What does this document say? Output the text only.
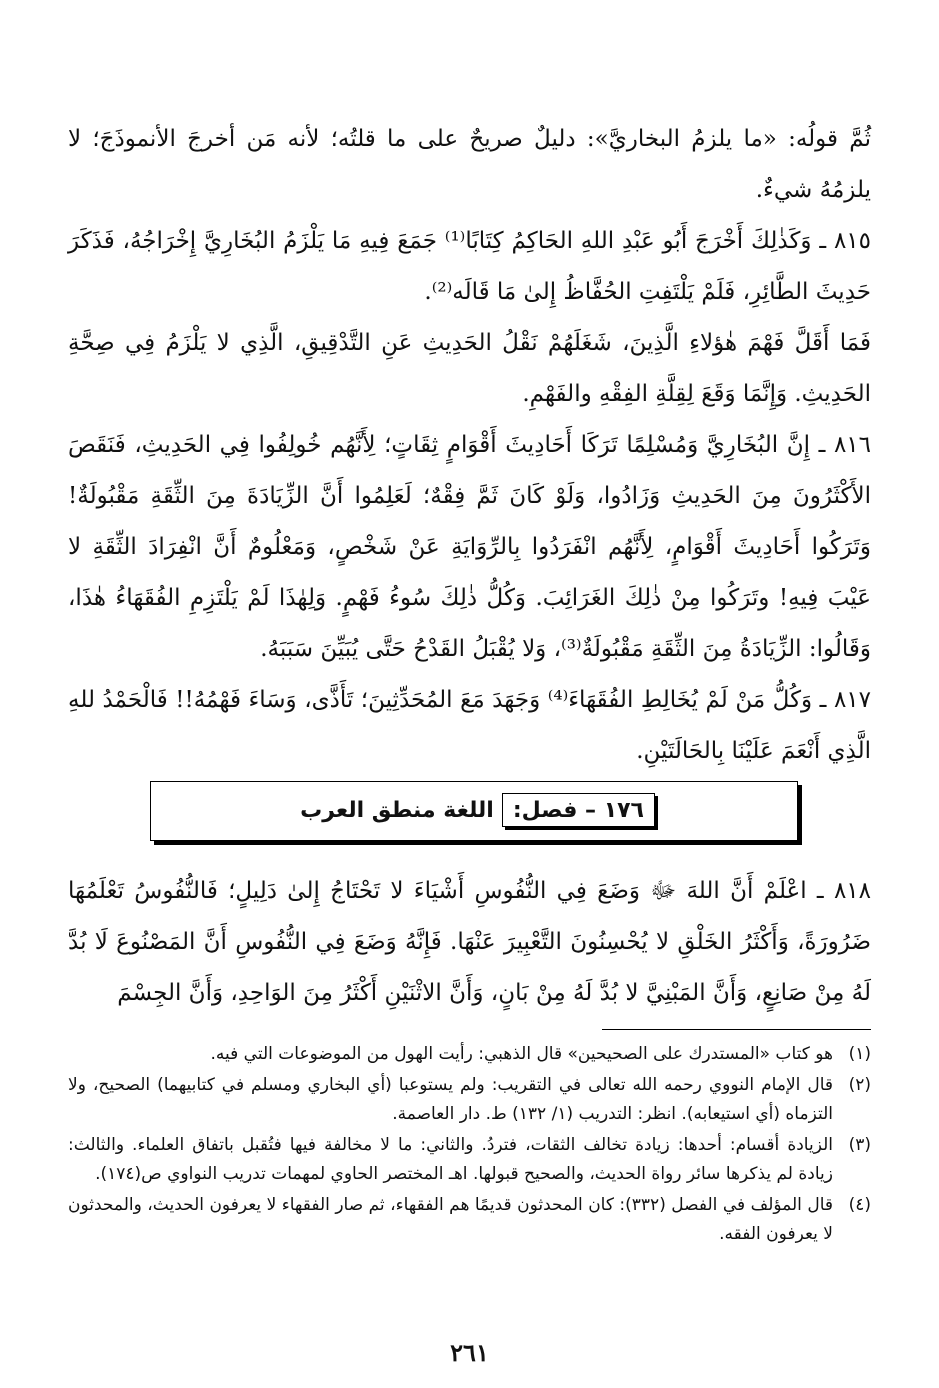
ثُمَّ قولُه: «ما يلزمُ البخاريَّ»: دليلٌ صريحٌ على ما قلتُه؛ لأنه مَن أخرجَ الأنموذَجَ؛ لا يلزمُهُ شيءٌ.

٨١٥ ـ وَكَذٰلِكَ أَخْرَجَ أَبُو عَبْدِ اللهِ الحَاكِمُ كِتَابًا⁽¹⁾ جَمَعَ فِيهِ مَا يَلْزَمُ البُخَارِيَّ إِخْرَاجُهُ، فَذَكَرَ حَدِيثَ الطَّائِرِ، فَلَمْ يَلْتَفِتِ الحُفَّاظُ إِلىٰ مَا قَالَه⁽²⁾.

فَمَا أَقَلَّ فَهْمَ هٰؤلاءِ الَّذِينَ، شَغَلَهُمْ نَقْلُ الحَدِيثِ عَنِ التَّدْقِيقِ، الَّذِي لا يَلْزَمُ فِي صِحَّةِ الحَدِيثِ. وَإِنَّمَا وَقَعَ لِقِلَّةِ الفِقْهِ والفَهْمِ.

٨١٦ ـ إِنَّ البُخَارِيَّ وَمُسْلِمًا تَرَكَا أَحَادِيثَ أَقْوَامٍ ثِقَاتٍ؛ لِأَنَّهُم خُولِفُوا فِي الحَدِيثِ، فَنَقَصَ الأَكْثَرُونَ مِنَ الحَدِيثِ وَزَادُوا، وَلَوْ كَانَ ثَمَّ فِقْهٌ؛ لَعَلِمُوا أَنَّ الزِّيَادَةَ مِنَ الثِّقَةِ مَقْبُولَةٌ! وَتَرَكُوا أَحَادِيثَ أَقْوَامٍ، لِأَنَّهُم انْفَرَدُوا بِالرِّوَايَةِ عَنْ شَخْصٍ، وَمَعْلُومٌ أَنَّ انْفِرَادَ الثِّقَةِ لا عَيْبَ فِيهِ! وتَرَكُوا مِنْ ذٰلِكَ الغَرَائِبَ. وَكُلُّ ذٰلِكَ سُوءُ فَهْمٍ. وَلِهٰذَا لَمْ يَلْتَزِمِ الفُقَهَاءُ هٰذَا، وَقَالُوا: الزِّيَادَةُ مِنَ الثِّقَةِ مَقْبُولَةٌ⁽³⁾، وَلا يُقْبَلُ القَدْحُ حَتَّى يُبَيِّنَ سَبَبَهُ.

٨١٧ ـ وَكُلُّ مَنْ لَمْ يُخَالِطِ الفُقَهَاءَ⁽⁴⁾ وَجَهَدَ مَعَ المُحَدِّثِينَ؛ تَأَذَّى، وَسَاءَ فَهْمُهُ!! فَالْحَمْدُ للهِ الَّذِي أَنْعَمَ عَلَيْنَا بِالحَالَتَيْنِ.

١٧٦ – فصل:
اللغة منطق العرب

٨١٨ ـ اعْلَمْ أَنَّ اللهَ ﷻ وَضَعَ فِي النُّفُوسِ أَشْيَاءَ لا تَحْتَاجُ إِلىٰ دَلِيلٍ؛ فَالنُّفُوسُ تَعْلَمُهَا ضَرُورَةً، وَأَكْثَرُ الخَلْقِ لا يُحْسِنُونَ التَّعْبِيرَ عَنْهَا. فَإِنَّهُ وَضَعَ فِي النُّفُوسِ أَنَّ المَصْنُوعَ لَا بُدَّ لَهُ مِنْ صَانِعٍ، وَأَنَّ المَبْنِيَّ لا بُدَّ لَهُ مِنْ بَانٍ، وَأَنَّ الاثْنَيْنِ أَكْثَرُ مِنَ الوَاحِدِ، وَأَنَّ الجِسْمَ

(١)
هو كتاب «المستدرك على الصحيحين» قال الذهبي: رأيت الهول من الموضوعات التي فيه.
(٢)
قال الإمام النووي رحمه الله تعالى في التقريب: ولم يستوعبا (أي البخاري ومسلم في كتابيهما) الصحيح، ولا التزماه (أي استيعابه). انظر: التدريب (١/ ١٣٢) ط. دار العاصمة.
(٣)
الزيادة أقسام: أحدها: زيادة تخالف الثقات، فتردُ. والثاني: ما لا مخالفة فيها فتُقبل باتفاق العلماء. والثالث: زيادة لم يذكرها سائر رواة الحديث، والصحيح قبولها. اهـ المختصر الحاوي لمهمات تدريب النواوي ص(١٧٤).
(٤)
قال المؤلف في الفصل (٣٣٢): كان المحدثون قديمًا هم الفقهاء، ثم صار الفقهاء لا يعرفون الحديث، والمحدثون لا يعرفون الفقه.
٢٦١
